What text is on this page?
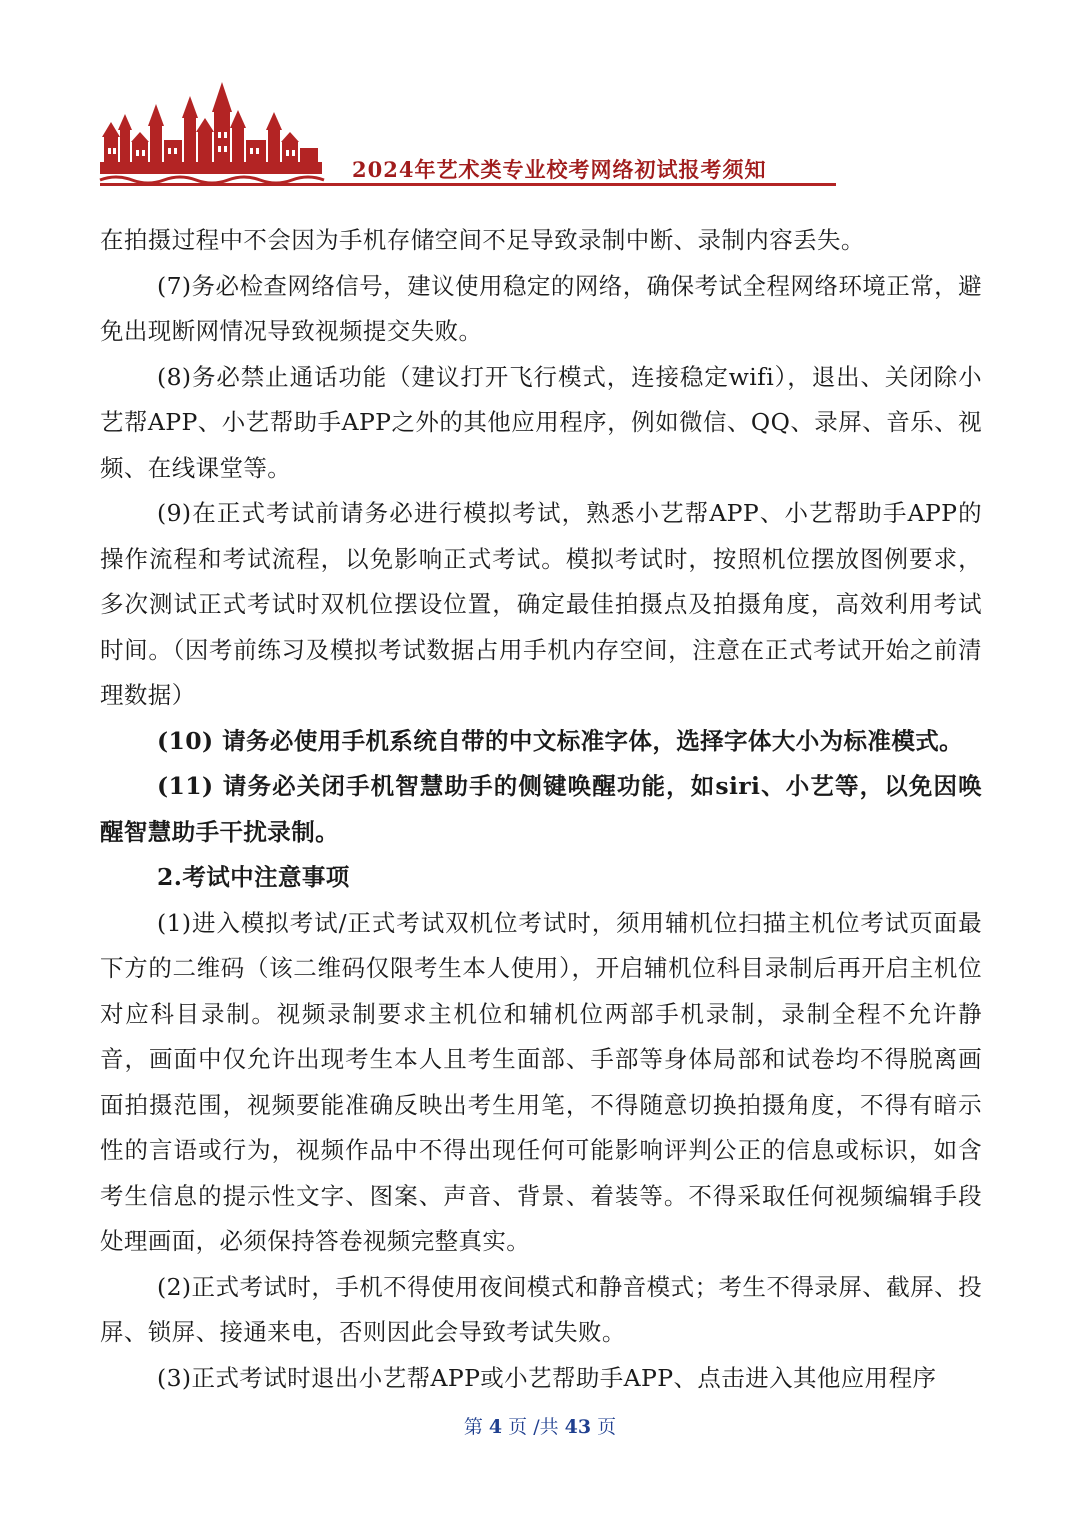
2024年艺术类专业校考网络初试报考须知

在拍摄过程中不会因为手机存储空间不足导致录制中断、录制内容丢失。

(7)务必检查网络信号，建议使用稳定的网络，确保考试全程网络环境正常，避免出现断网情况导致视频提交失败。

(8)务必禁止通话功能（建议打开飞行模式，连接稳定wifi），退出、关闭除小艺帮APP、小艺帮助手APP之外的其他应用程序，例如微信、QQ、录屏、音乐、视频、在线课堂等。

(9)在正式考试前请务必进行模拟考试，熟悉小艺帮APP、小艺帮助手APP的操作流程和考试流程，以免影响正式考试。模拟考试时，按照机位摆放图例要求，多次测试正式考试时双机位摆设位置，确定最佳拍摄点及拍摄角度，高效利用考试时间。（因考前练习及模拟考试数据占用手机内存空间，注意在正式考试开始之前清理数据）

(10) 请务必使用手机系统自带的中文标准字体，选择字体大小为标准模式。

(11) 请务必关闭手机智慧助手的侧键唤醒功能，如siri、小艺等，以免因唤醒智慧助手干扰录制。

2.考试中注意事项

(1)进入模拟考试/正式考试双机位考试时，须用辅机位扫描主机位考试页面最下方的二维码（该二维码仅限考生本人使用），开启辅机位科目录制后再开启主机位对应科目录制。视频录制要求主机位和辅机位两部手机录制，录制全程不允许静音，画面中仅允许出现考生本人且考生面部、手部等身体局部和试卷均不得脱离画面拍摄范围，视频要能准确反映出考生用笔，不得随意切换拍摄角度，不得有暗示性的言语或行为，视频作品中不得出现任何可能影响评判公正的信息或标识，如含考生信息的提示性文字、图案、声音、背景、着装等。不得采取任何视频编辑手段处理画面，必须保持答卷视频完整真实。

(2)正式考试时，手机不得使用夜间模式和静音模式；考生不得录屏、截屏、投屏、锁屏、接通来电，否则因此会导致考试失败。

(3)正式考试时退出小艺帮APP或小艺帮助手APP、点击进入其他应用程序

第 4 页 /共 43 页
